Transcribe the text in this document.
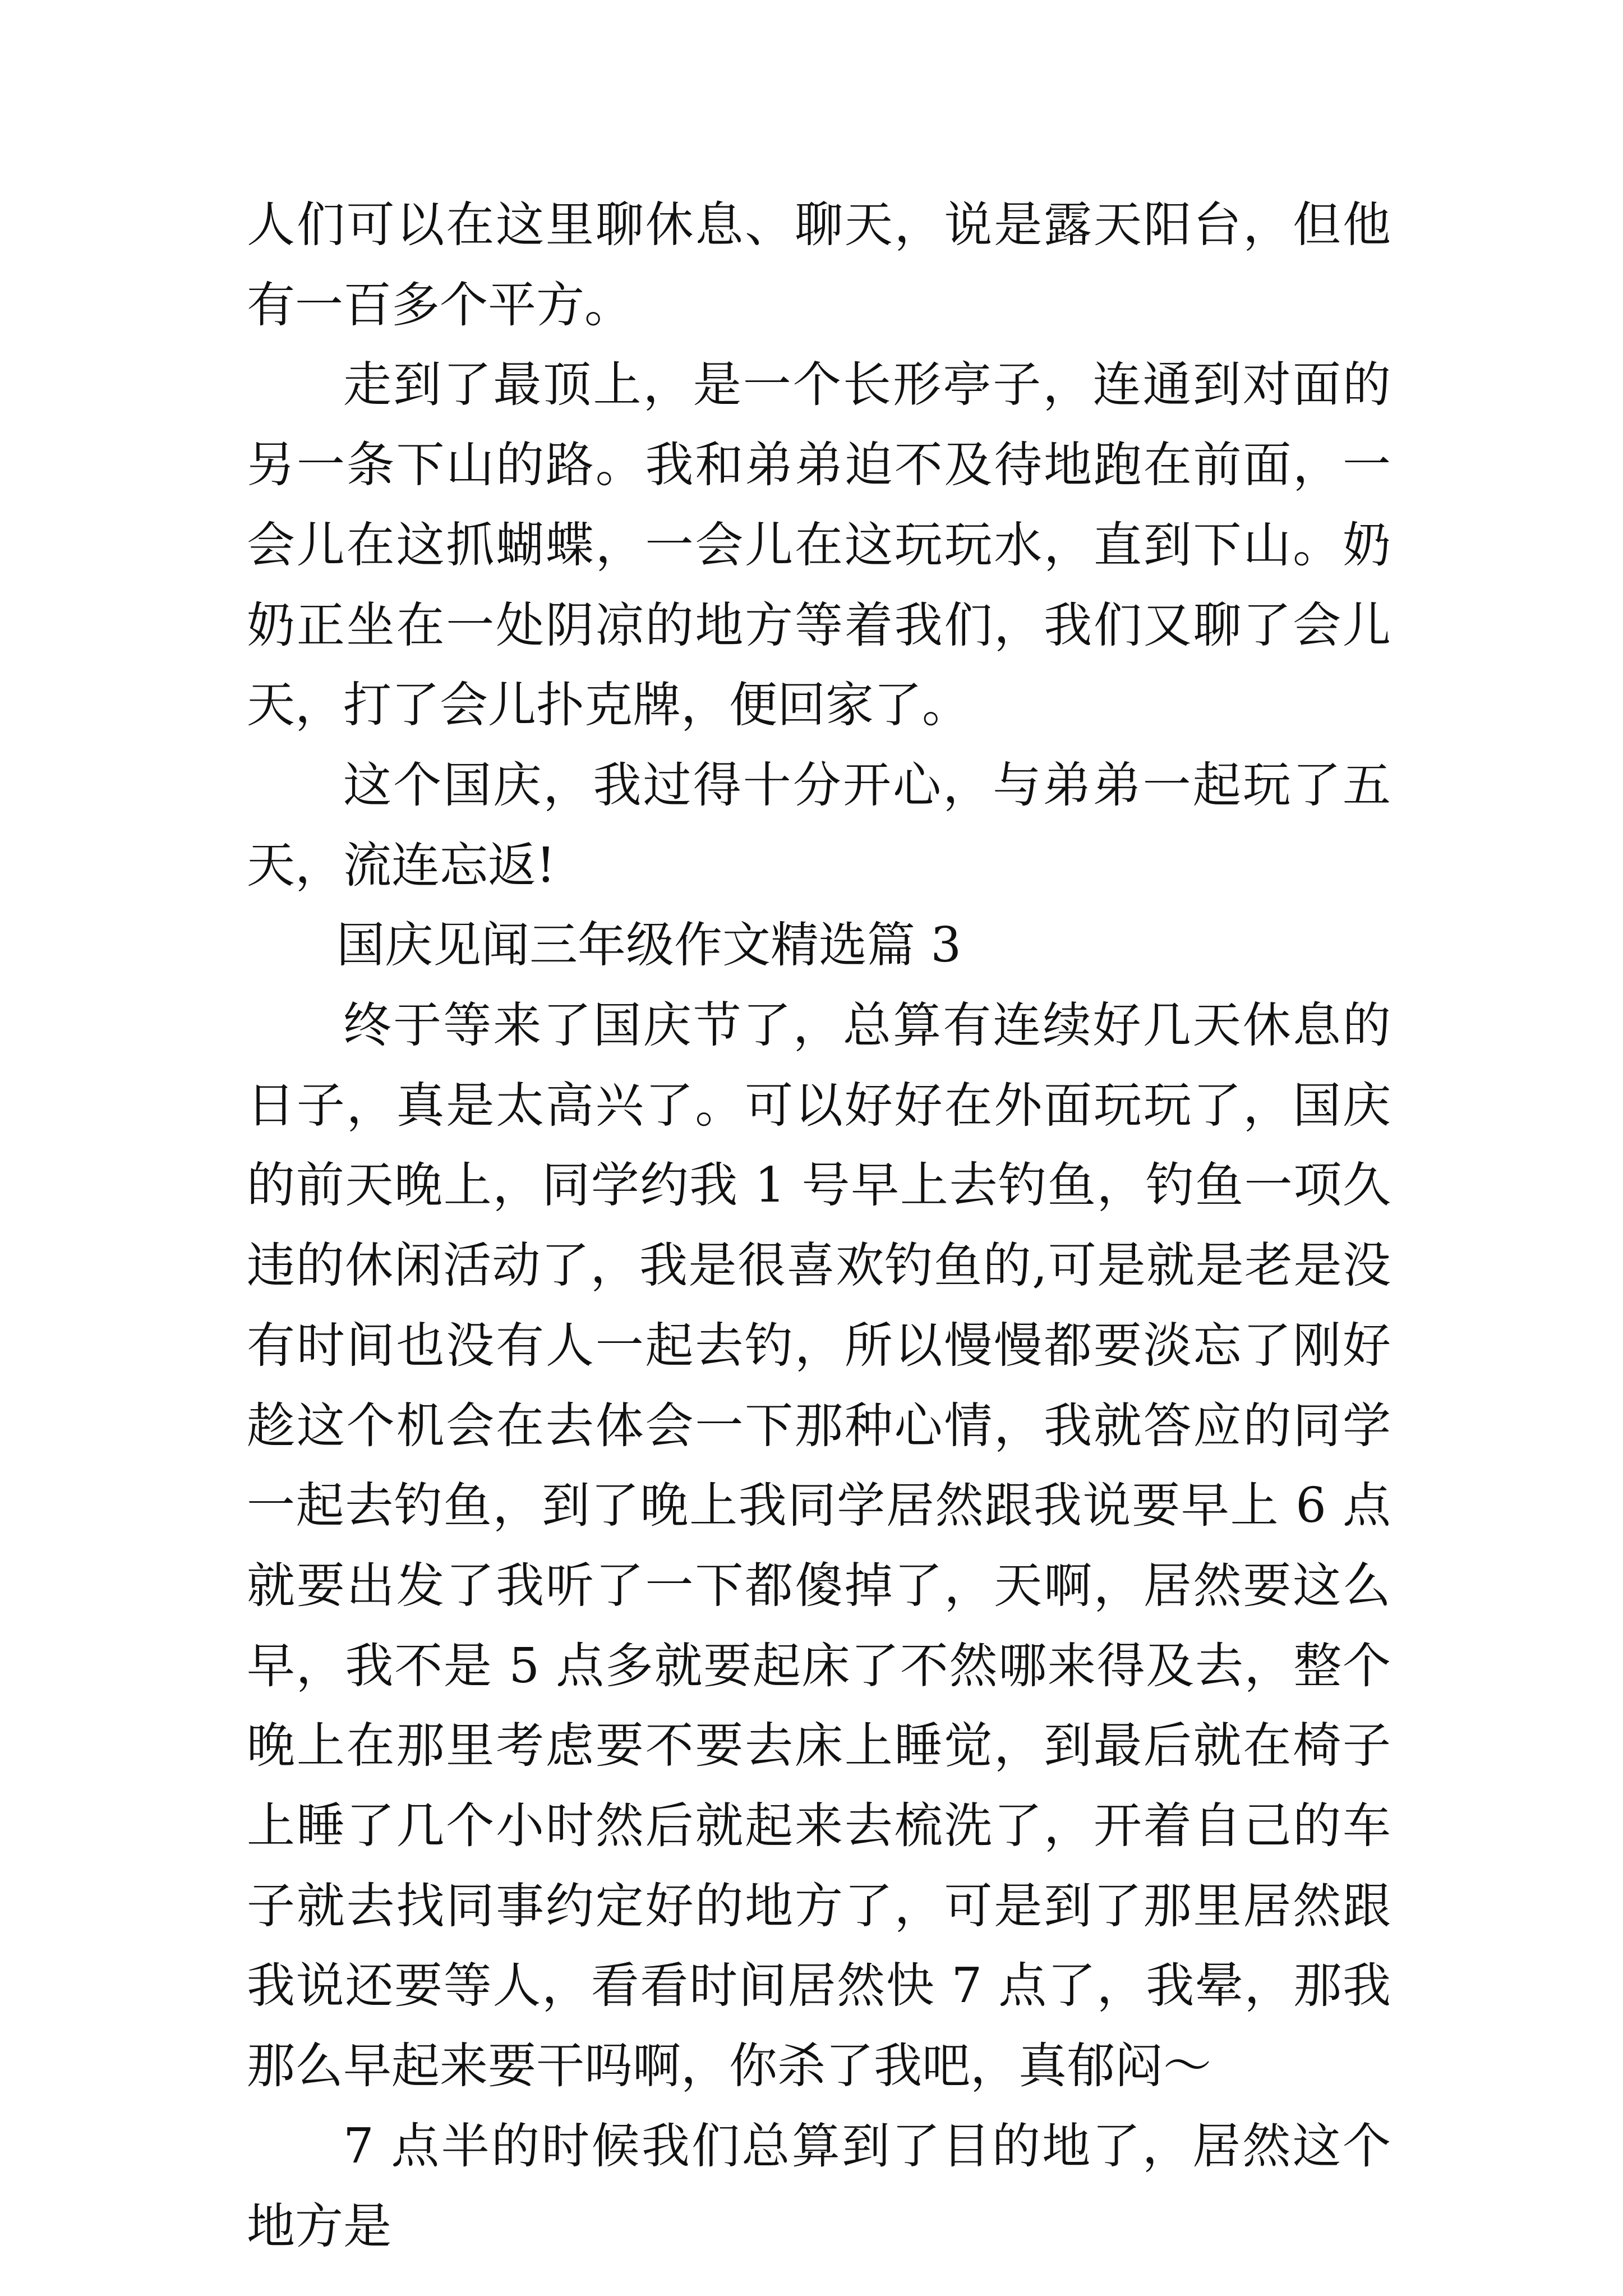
人们可以在这里聊休息、聊天，说是露天阳台，但他有一百多个平方。

走到了最顶上，是一个长形亭子，连通到对面的另一条下山的路。我和弟弟迫不及待地跑在前面，一会儿在这抓蝴蝶，一会儿在这玩玩水，直到下山。奶奶正坐在一处阴凉的地方等着我们，我们又聊了会儿天，打了会儿扑克牌，便回家了。

这个国庆，我过得十分开心，与弟弟一起玩了五天，流连忘返!

国庆见闻三年级作文精选篇 3

终于等来了国庆节了，总算有连续好几天休息的日子，真是太高兴了。可以好好在外面玩玩了，国庆的前天晚上，同学约我 1 号早上去钓鱼，钓鱼一项久违的休闲活动了，我是很喜欢钓鱼的,可是就是老是没有时间也没有人一起去钓，所以慢慢都要淡忘了刚好趁这个机会在去体会一下那种心情，我就答应的同学一起去钓鱼，到了晚上我同学居然跟我说要早上 6 点就要出发了我听了一下都傻掉了，天啊，居然要这么早，我不是 5 点多就要起床了不然哪来得及去，整个晚上在那里考虑要不要去床上睡觉，到最后就在椅子上睡了几个小时然后就起来去梳洗了，开着自己的车子就去找同事约定好的地方了，可是到了那里居然跟我说还要等人，看看时间居然快 7 点了，我晕，那我那么早起来要干吗啊，你杀了我吧，真郁闷～

7 点半的时候我们总算到了目的地了，居然这个地方是
